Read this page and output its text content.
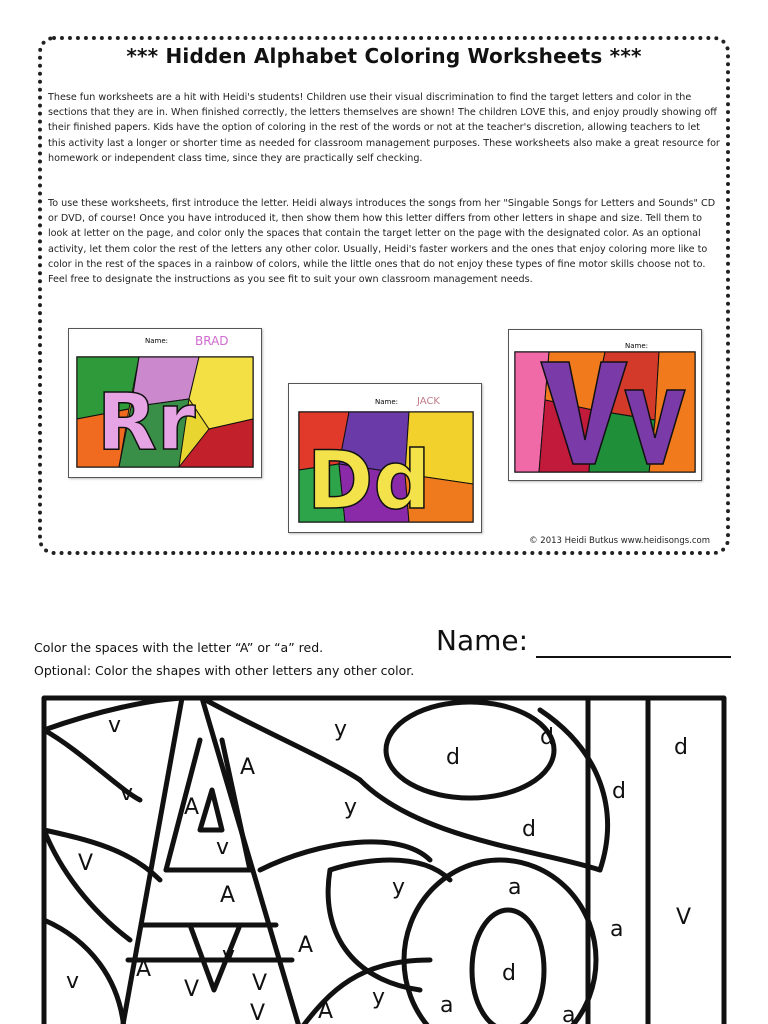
*** Hidden Alphabet Coloring Worksheets ***

These fun worksheets are a hit with Heidi's students! Children use their visual discrimination to find the target letters and color in the sections that they are in. When finished correctly, the letters themselves are shown! The children LOVE this, and enjoy proudly showing off their finished papers. Kids have the option of coloring in the rest of the words or not at the teacher's discretion, allowing teachers to let this activity last a longer or shorter time as needed for classroom management purposes. These worksheets also make a great resource for homework or independent class time, since they are practically self checking.

To use these worksheets, first introduce the letter. Heidi always introduces the songs from her "Singable Songs for Letters and Sounds" CD or DVD, of course! Once you have introduced it, then show them how this letter differs from other letters in shape and size. Tell them to look at letter on the page, and color only the spaces that contain the target letter on the page with the designated color. As an optional activity, let them color the rest of the letters any other color. Usually, Heidi's faster workers and the ones that enjoy coloring more like to color in the rest of the spaces in a rainbow of colors, while the little ones that do not enjoy these types of fine motor skills choose not to. Feel free to designate the instructions as you see fit to suit your own classroom management needs.

Name: BRAD
Rr	Name: JACK
Dd
Name:
© 2013 Heidi Butkus www.heidisongs.com
Color the spaces with the letter “A” or “a” red.
Optional: Color the shapes with other letters any other color.
Name:
v	y	d	d
A	d
v
A	y
d
v
V
A	y	a
d
V
A
a
v
A
V V	d
v
A
V
y a	a
